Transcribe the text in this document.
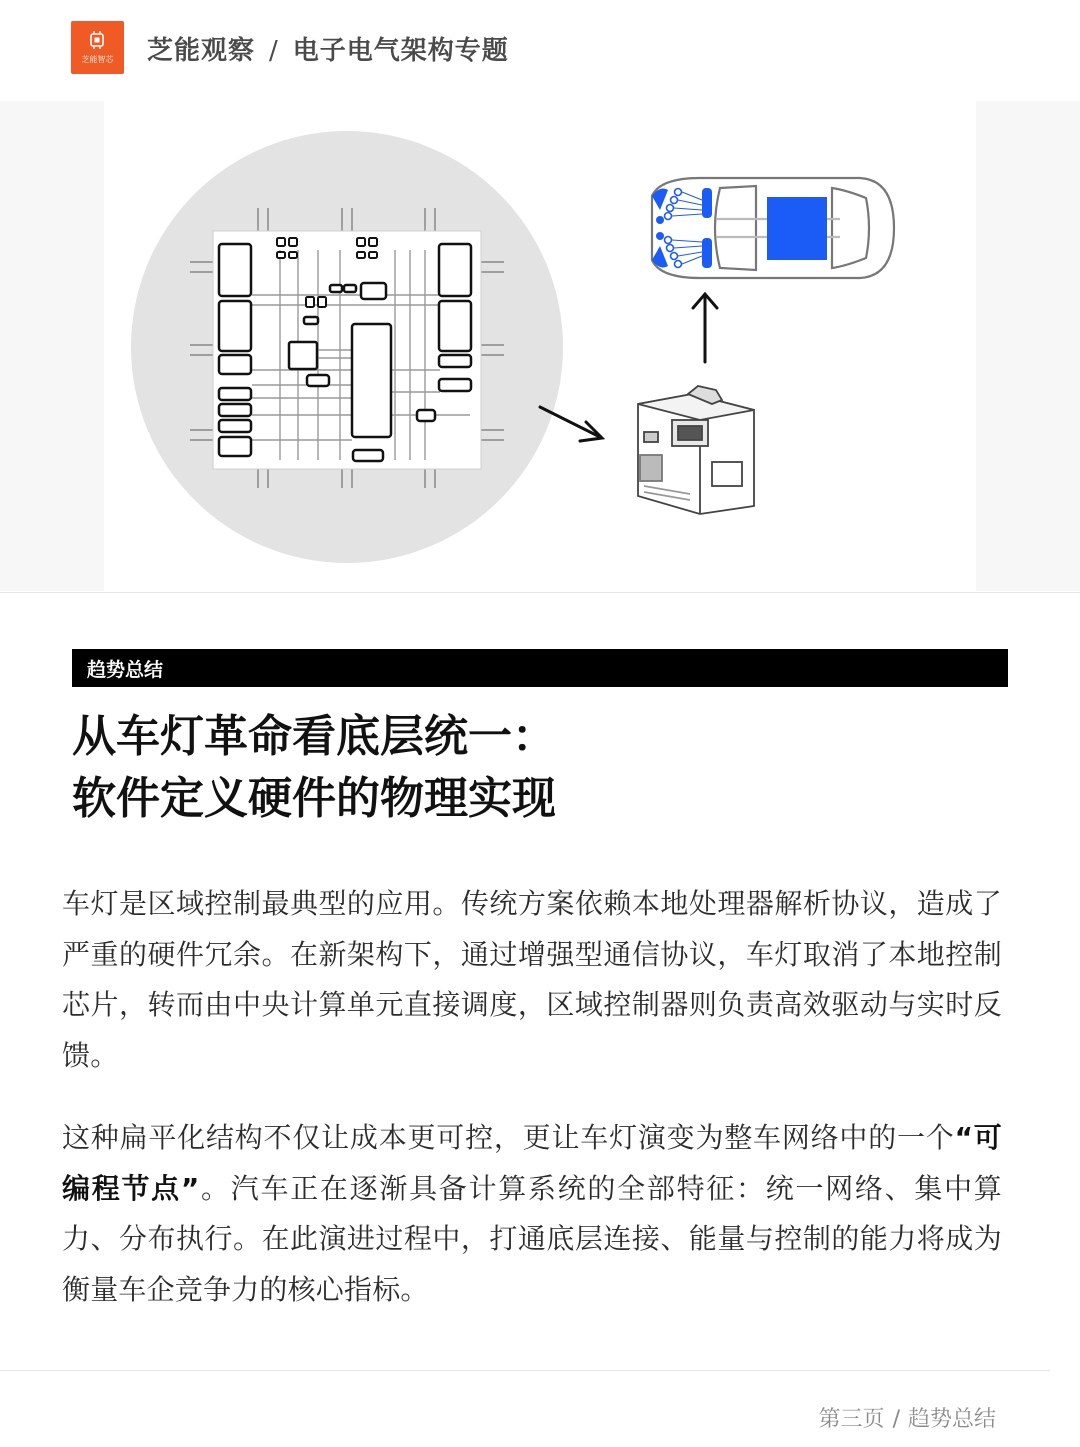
芝能智芯	芝能观察 / 电子电气架构专题
趋势总结
从车灯革命看底层统一：
软件定义硬件的物理实现

车灯是区域控制最典型的应用。传统方案依赖本地处理器解析协议，造成了严重的硬件冗余。在新架构下，通过增强型通信协议，车灯取消了本地控制芯片，转而由中央计算单元直接调度，区域控制器则负责高效驱动与实时反馈。

这种扁平化结构不仅让成本更可控，更让车灯演变为整车网络中的一个“可编程节点”。汽车正在逐渐具备计算系统的全部特征：统一网络、集中算力、分布执行。在此演进过程中，打通底层连接、能量与控制的能力将成为衡量车企竞争力的核心指标。

第三页 / 趋势总结
